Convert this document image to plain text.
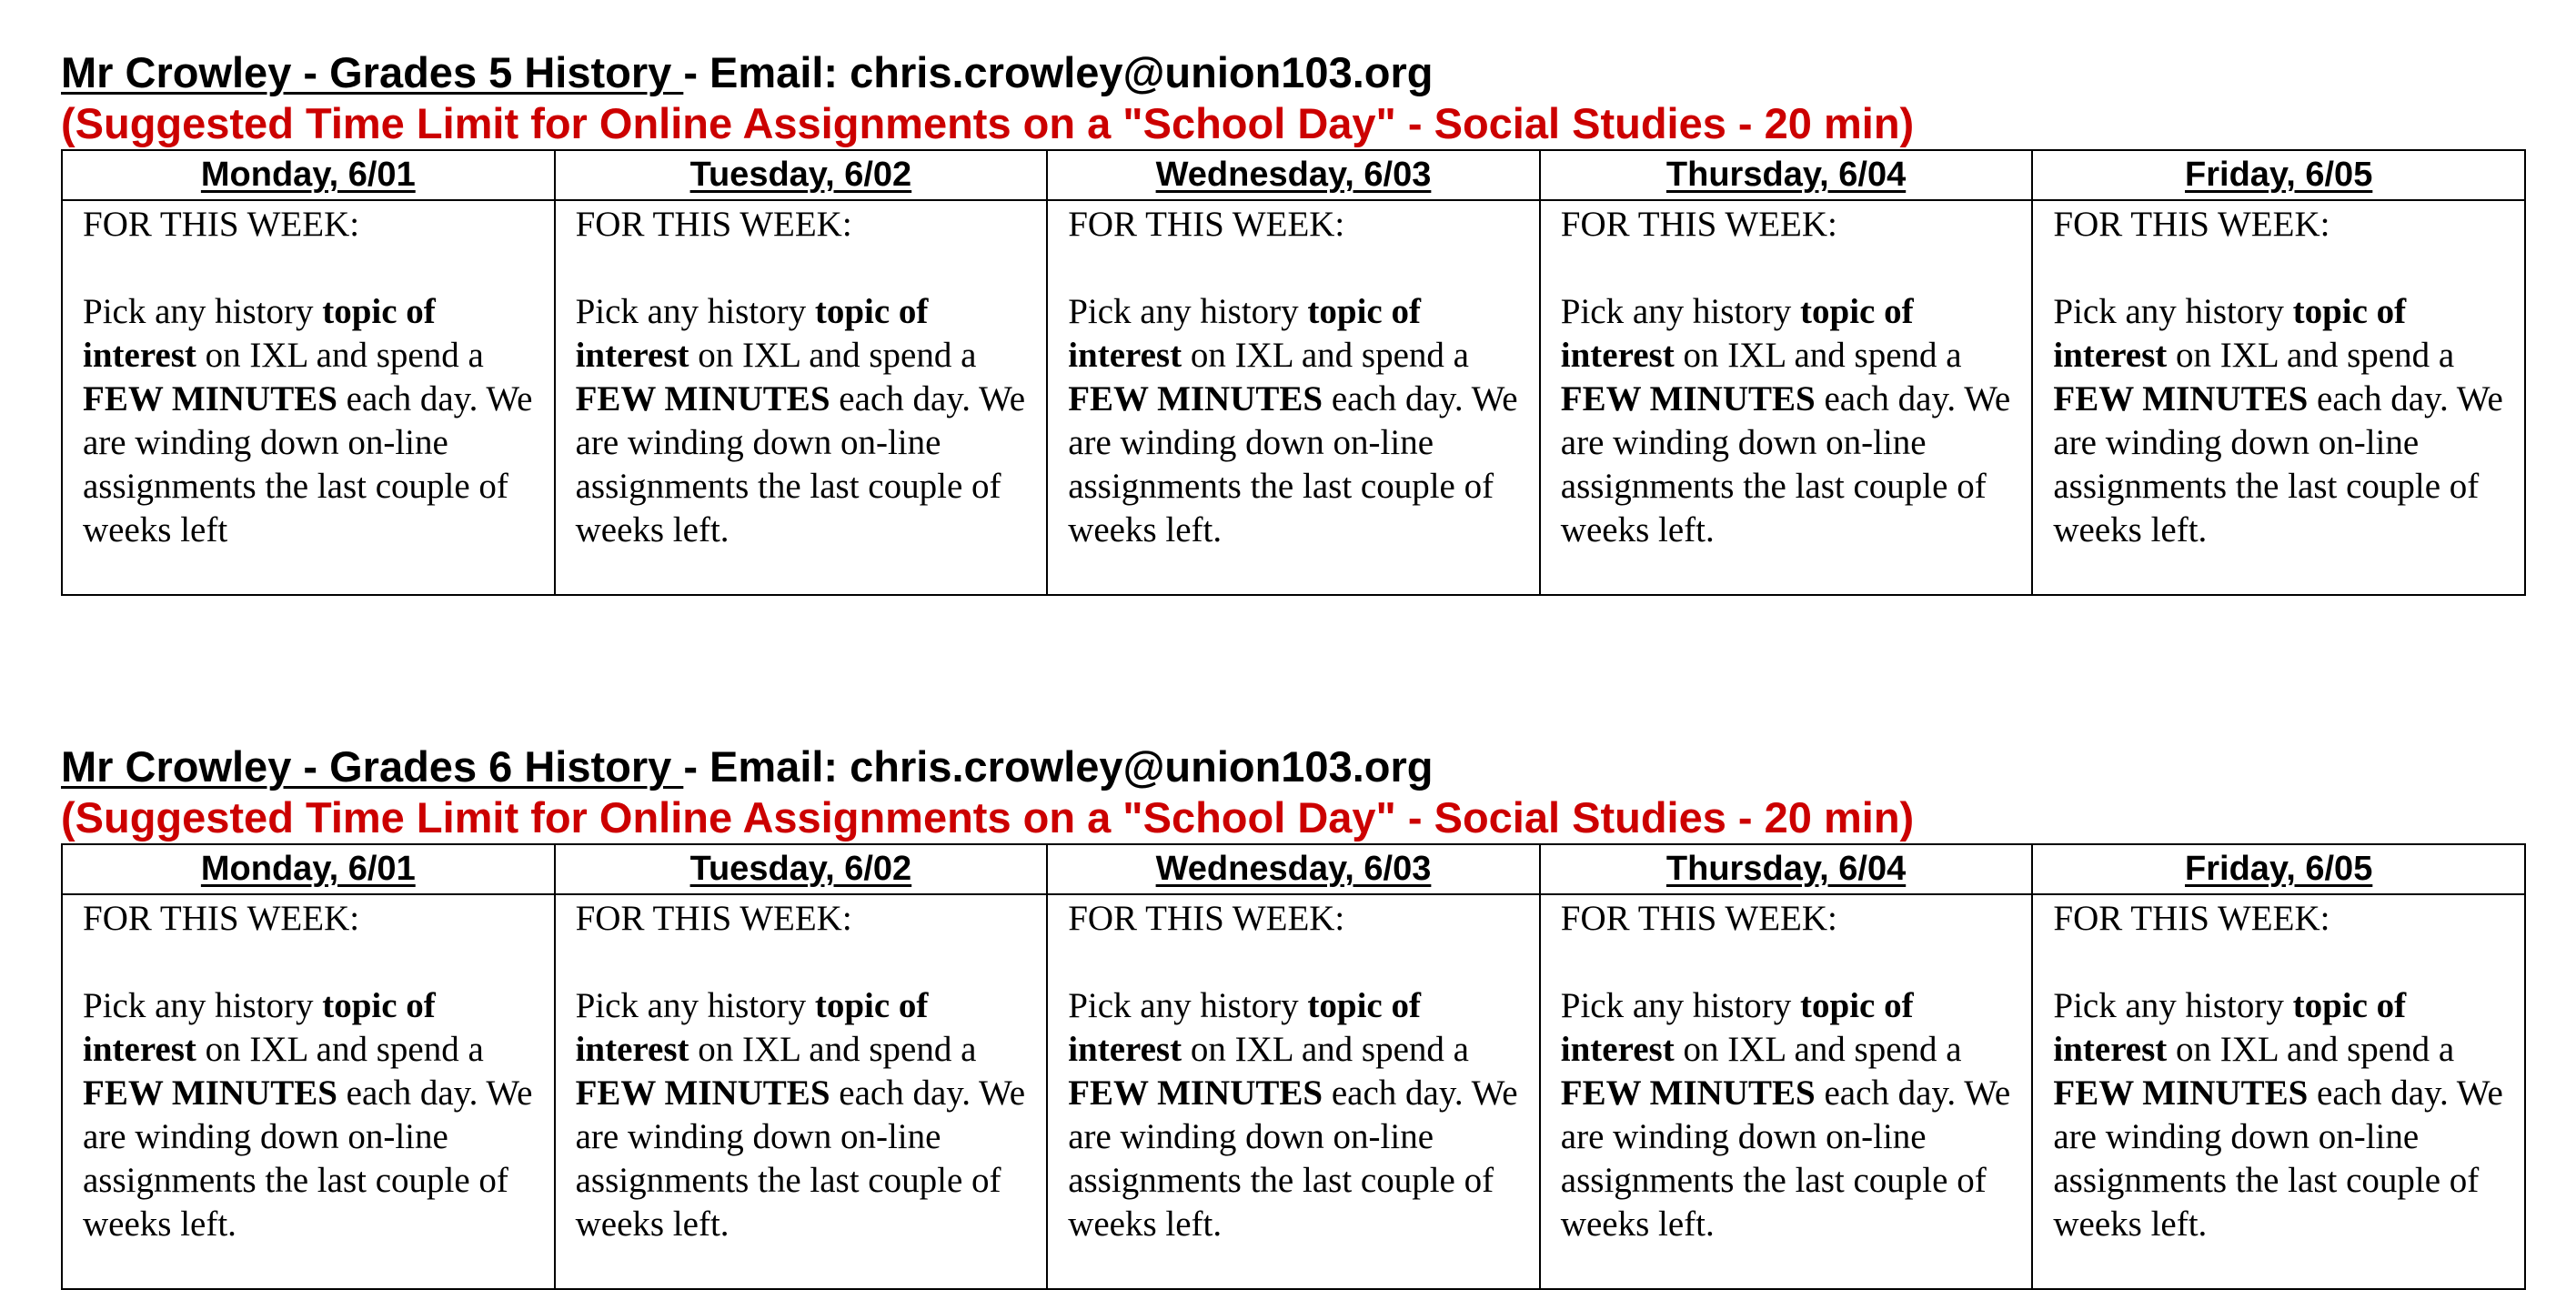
Mr Crowley - Grades 5 History - Email: chris.crowley@union103.org
(Suggested Time Limit for Online Assignments on a "School Day" - Social Studies - 20 min)
Monday, 6/01	Tuesday, 6/02	Wednesday, 6/03	Thursday, 6/04	Friday, 6/05

FOR THIS WEEK:
Pick any history topic of interest on IXL and spend a FEW MINUTES each day. We are winding down on-line assignments the last couple of weeks left	FOR THIS WEEK:
Pick any history topic of interest on IXL and spend a FEW MINUTES each day. We are winding down on-line assignments the last couple of weeks left.	FOR THIS WEEK:
Pick any history topic of interest on IXL and spend a FEW MINUTES each day. We are winding down on-line assignments the last couple of weeks left.	FOR THIS WEEK:
Pick any history topic of interest on IXL and spend a FEW MINUTES each day. We are winding down on-line assignments the last couple of weeks left.	FOR THIS WEEK:
Pick any history topic of interest on IXL and spend a FEW MINUTES each day. We are winding down on-line assignments the last couple of weeks left.
Mr Crowley - Grades 6 History - Email: chris.crowley@union103.org
(Suggested Time Limit for Online Assignments on a "School Day" - Social Studies - 20 min)
Monday, 6/01	Tuesday, 6/02	Wednesday, 6/03	Thursday, 6/04	Friday, 6/05

FOR THIS WEEK:
Pick any history topic of interest on IXL and spend a FEW MINUTES each day. We are winding down on-line assignments the last couple of weeks left.	FOR THIS WEEK:
Pick any history topic of interest on IXL and spend a FEW MINUTES each day. We are winding down on-line assignments the last couple of weeks left.	FOR THIS WEEK:
Pick any history topic of interest on IXL and spend a FEW MINUTES each day. We are winding down on-line assignments the last couple of weeks left.	FOR THIS WEEK:
Pick any history topic of interest on IXL and spend a FEW MINUTES each day. We are winding down on-line assignments the last couple of weeks left.	FOR THIS WEEK:
Pick any history topic of interest on IXL and spend a FEW MINUTES each day. We are winding down on-line assignments the last couple of weeks left.
